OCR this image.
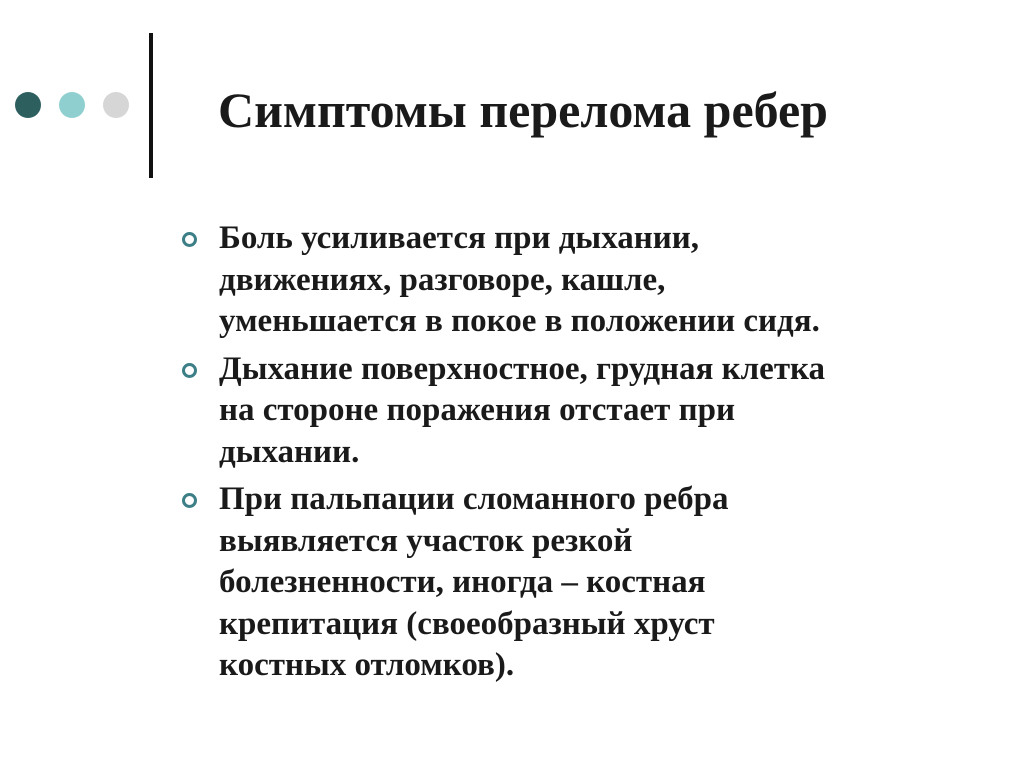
Симптомы перелома ребер
Боль усиливается при дыхании,
движениях, разговоре, кашле,
уменьшается в покое в положении сидя.
Дыхание поверхностное, грудная клетка
на стороне поражения отстает при
дыхании.
При пальпации сломанного ребра
выявляется участок резкой
болезненности, иногда – костная
крепитация (своеобразный хруст
костных отломков).
